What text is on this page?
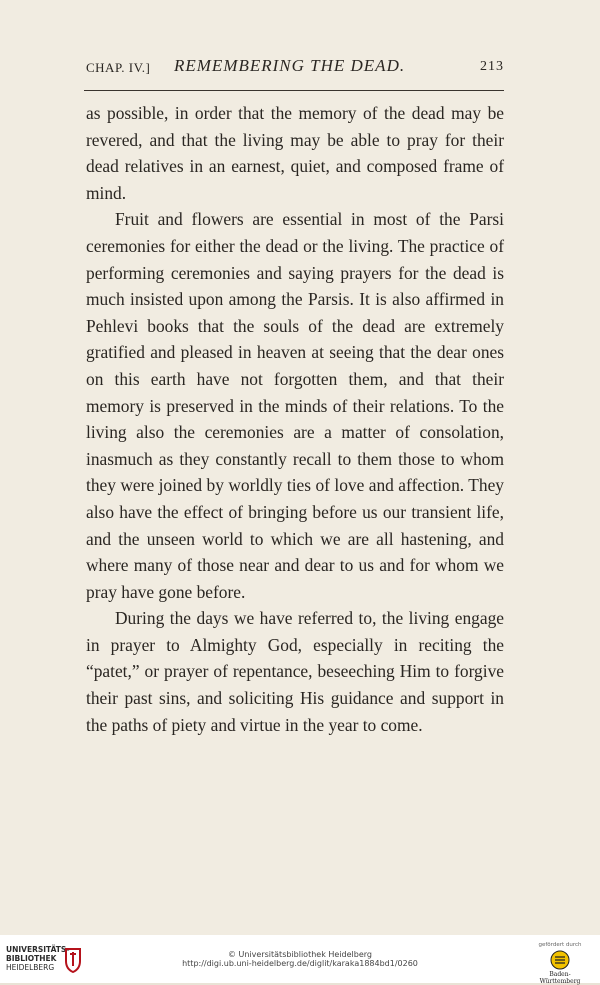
CHAP. IV.] REMEMBERING THE DEAD.	213

as possible, in order that the memory of the dead may be revered, and that the living may be able to pray for their dead relatives in an earnest, quiet, and composed frame of mind.

Fruit and flowers are essential in most of the Parsi ceremonies for either the dead or the living. The practice of performing ceremonies and saying prayers for the dead is much insisted upon among the Parsis. It is also affirmed in Pehlevi books that the souls of the dead are extremely gratified and pleased in heaven at seeing that the dear ones on this earth have not forgotten them, and that their memory is preserved in the minds of their relations. To the living also the ceremonies are a matter of consolation, inasmuch as they constantly recall to them those to whom they were joined by worldly ties of love and affection. They also have the effect of bringing before us our transient life, and the unseen world to which we are all hastening, and where many of those near and dear to us and for whom we pray have gone before.

During the days we have referred to, the living engage in prayer to Almighty God, especially in reciting the “patet,” or prayer of repentance, beseeching Him to forgive their past sins, and soliciting His guidance and support in the paths of piety and virtue in the year to come.

UNIVERSITÄTS-
BIBLIOTHEK
HEIDELBERG
© Universitätsbibliothek Heidelberg
http://digi.ub.uni-heidelberg.de/diglit/karaka1884bd1/0260
gefördert durch
Baden-Württemberg
